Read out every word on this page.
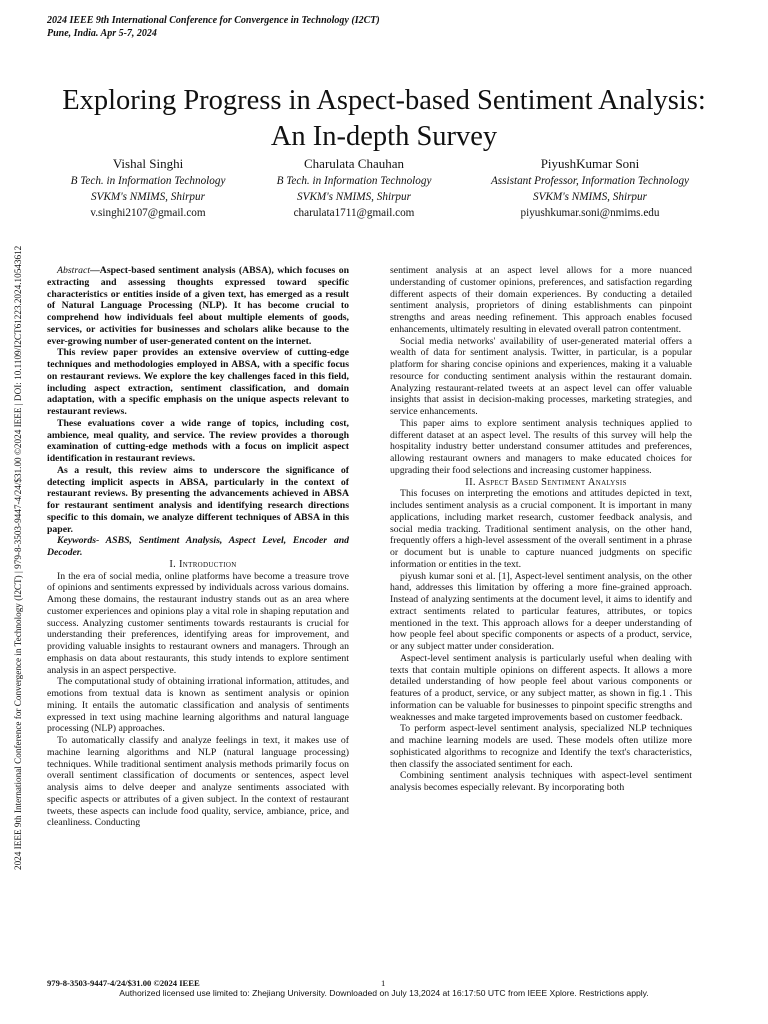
2024 IEEE 9th International Conference for Convergence in Technology (I2CT)
Pune, India. Apr 5-7, 2024
2024 IEEE 9th International Conference for Convergence in Technology (I2CT) | 979-8-3503-9447-4/24/$31.00 ©2024 IEEE | DOI: 10.1109/I2CT61223.2024.10543612
Exploring Progress in Aspect-based Sentiment Analysis: An In-depth Survey
Vishal Singhi
B Tech. in Information Technology
SVKM's NMIMS, Shirpur
v.singhi2107@gmail.com
Charulata Chauhan
B Tech. in Information Technology
SVKM's NMIMS, Shirpur
charulata1711@gmail.com
PiyushKumar Soni
Assistant Professor, Information Technology
SVKM's NMIMS, Shirpur
piyushkumar.soni@nmims.edu

Abstract—Aspect-based sentiment analysis (ABSA), which focuses on extracting and assessing thoughts expressed toward specific characteristics or entities inside of a given text, has emerged as a result of Natural Language Processing (NLP). It has become crucial to comprehend how individuals feel about multiple elements of goods, services, or activities for businesses and scholars alike because to the ever-growing number of user-generated content on the internet.

This review paper provides an extensive overview of cutting-edge techniques and methodologies employed in ABSA, with a specific focus on restaurant reviews. We explore the key challenges faced in this field, including aspect extraction, sentiment classification, and domain adaptation, with a specific emphasis on the unique aspects relevant to restaurant reviews.

These evaluations cover a wide range of topics, including cost, ambience, meal quality, and service. The review provides a thorough examination of cutting-edge methods with a focus on implicit aspect identification in restaurant reviews.

As a result, this review aims to underscore the significance of detecting implicit aspects in ABSA, particularly in the context of restaurant reviews. By presenting the advancements achieved in ABSA for restaurant sentiment analysis and identifying research directions specific to this domain, we analyze different techniques of ABSA in this paper.

Keywords- ASBS, Sentiment Analysis, Aspect Level, Encoder and Decoder.

I. Introduction

In the era of social media, online platforms have become a treasure trove of opinions and sentiments expressed by individuals across various domains. Among these domains, the restaurant industry stands out as an area where customer experiences and opinions play a vital role in shaping reputation and success. Analyzing customer sentiments towards restaurants is crucial for understanding their preferences, identifying areas for improvement, and providing valuable insights to restaurant owners and managers. Through an emphasis on data about restaurants, this study intends to explore sentiment analysis in an aspect perspective.

The computational study of obtaining irrational information, attitudes, and emotions from textual data is known as sentiment analysis or opinion mining. It entails the automatic classification and analysis of sentiments expressed in text using machine learning algorithms and natural language processing (NLP) approaches.

To automatically classify and analyze feelings in text, it makes use of machine learning algorithms and NLP (natural language processing) techniques. While traditional sentiment analysis methods primarily focus on overall sentiment classification of documents or sentences, aspect level analysis aims to delve deeper and analyze sentiments associated with specific aspects or attributes of a given subject. In the context of restaurant tweets, these aspects can include food quality, service, ambiance, price, and cleanliness. Conducting

sentiment analysis at an aspect level allows for a more nuanced understanding of customer opinions, preferences, and satisfaction regarding different aspects of their domain experiences. By conducting a detailed sentiment analysis, proprietors of dining establishments can pinpoint strengths and areas needing refinement. This approach enables focused enhancements, ultimately resulting in elevated overall patron contentment.

Social media networks' availability of user-generated material offers a wealth of data for sentiment analysis. Twitter, in particular, is a popular platform for sharing concise opinions and experiences, making it a valuable resource for conducting sentiment analysis within the restaurant domain. Analyzing restaurant-related tweets at an aspect level can offer valuable insights that assist in decision-making processes, marketing strategies, and service enhancements.

This paper aims to explore sentiment analysis techniques applied to different dataset at an aspect level. The results of this survey will help the hospitality industry better understand consumer attitudes and preferences, allowing restaurant owners and managers to make educated choices for upgrading their food selections and increasing customer happiness.

II. Aspect Based Sentiment Analysis

This focuses on interpreting the emotions and attitudes depicted in text, includes sentiment analysis as a crucial component. It is important in many applications, including market research, customer feedback analysis, and social media tracking. Traditional sentiment analysis, on the other hand, frequently offers a high-level assessment of the overall sentiment in a phrase or document but is unable to capture nuanced judgments on specific information or entities in the text.

piyush kumar soni et al. [1], Aspect-level sentiment analysis, on the other hand, addresses this limitation by offering a more fine-grained approach. Instead of analyzing sentiments at the document level, it aims to identify and extract sentiments related to particular features, attributes, or topics mentioned in the text. This approach allows for a deeper understanding of how people feel about specific components or aspects of a product, service, or any subject matter under consideration.

Aspect-level sentiment analysis is particularly useful when dealing with texts that contain multiple opinions on different aspects. It allows a more detailed understanding of how people feel about various components or features of a product, service, or any subject matter, as shown in fig.1 . This information can be valuable for businesses to pinpoint specific strengths and weaknesses and make targeted improvements based on customer feedback.

To perform aspect-level sentiment analysis, specialized NLP techniques and machine learning models are used. These models often utilize more sophisticated algorithms to recognize and Identify the text's characteristics, then classify the associated sentiment for each.

Combining sentiment analysis techniques with aspect-level sentiment analysis becomes especially relevant. By incorporating both

979-8-3503-9447-4/24/$31.00 ©2024 IEEE	1
Authorized licensed use limited to: Zhejiang University. Downloaded on July 13,2024 at 16:17:50 UTC from IEEE Xplore. Restrictions apply.
